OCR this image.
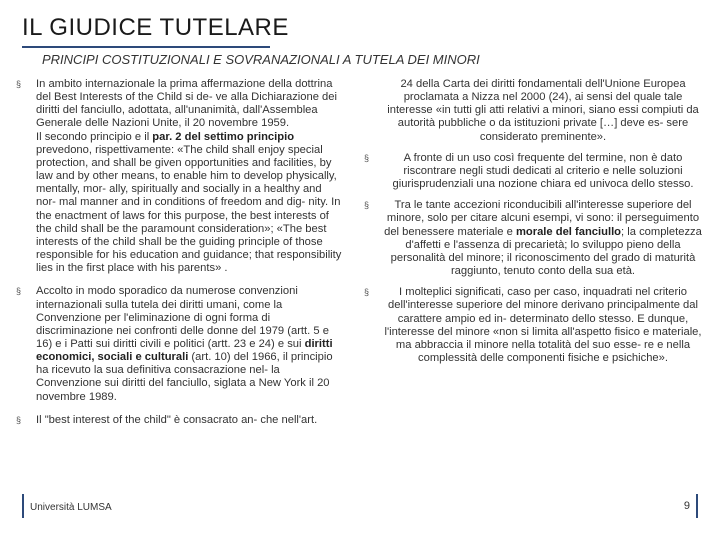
IL GIUDICE TUTELARE
PRINCIPI COSTITUZIONALI E SOVRANAZIONALI A TUTELA DEI MINORI
§ In ambito internazionale la prima affermazione della dottrina del Best Interests of the Child si de- ve alla Dichiarazione dei diritti del fanciullo, adottata, all'unanimità, dall'Assemblea Generale delle Nazioni Unite, il 20 novembre 1959.

Il secondo principio e il par. 2 del settimo principio prevedono, rispettivamente: «The child shall enjoy special protection, and shall be given opportunities and facilities, by law and by other means, to enable him to develop physically, mentally, mor- ally, spiritually and socially in a healthy and nor- mal manner and in conditions of freedom and dig- nity. In the enactment of laws for this purpose, the best interests of the child shall be the paramount consideration»; «The best interests of the child shall be the guiding principle of those responsible for his education and guidance; that responsibility lies in the first place with his parents» .

§ Accolto in modo sporadico da numerose convenzioni internazionali sulla tutela dei diritti umani, come la Convenzione per l'eliminazione di ogni forma di discriminazione nei confronti delle donne del 1979 (artt. 5 e 16) e i Patti sui diritti civili e politici (artt. 23 e 24) e sui diritti economici, sociali e culturali (art. 10) del 1966, il principio ha ricevuto la sua definitiva consacrazione nel- la Convenzione sui diritti del fanciullo, siglata a New York il 20 novembre 1989.

§ Il "best interest of the child" è consacrato an- che nell'art.

24 della Carta dei diritti fondamentali dell'Unione Europea proclamata a Nizza nel 2000 (24), ai sensi del quale tale interesse «in tutti gli atti relativi a minori, siano essi compiuti da autorità pubbliche o da istituzioni private […] deve es- sere considerato preminente».

§	A fronte di un uso così frequente del termine, non è dato riscontrare negli studi dedicati al criterio e nelle soluzioni giurisprudenziali una nozione chiara ed univoca dello stesso.

§	Tra le tante accezioni riconducibili all'interesse superiore del minore, solo per citare alcuni esempi, vi sono: il perseguimento del benessere materiale e morale del fanciullo; la completezza d'affetti e l'assenza di precarietà; lo sviluppo pieno della personalità del minore; il riconoscimento del grado di maturità raggiunto, tenuto conto della sua età.

§	I molteplici significati, caso per caso, inquadrati nel criterio dell'interesse superiore del minore derivano principalmente dal carattere ampio ed in- determinato dello stesso. E dunque, l'interesse del minore «non si limita all'aspetto fisico e materiale, ma abbraccia il minore nella totalità del suo esse- re e nella complessità delle componenti fisiche e psichiche».

Università LUMSA	9
